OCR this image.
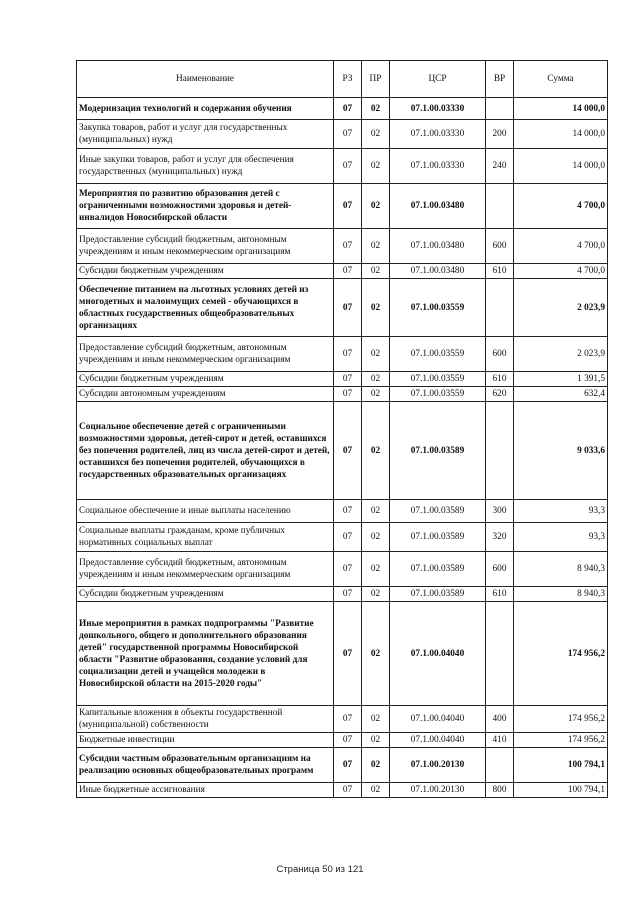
Наименование	РЗ	ПР	ЦСР	ВР	Сумма
Модернизация технологий и содержания обучения	07	02	07.1.00.03330		14 000,0
Закупка товаров, работ и услуг для государственных (муниципальных) нужд	07	02	07.1.00.03330	200	14 000,0
Иные закупки товаров, работ и услуг для обеспечения государственных (муниципальных) нужд	07	02	07.1.00.03330	240	14 000,0
Мероприятия по развитию образования детей с ограниченными возможностями здоровья и детей-инвалидов Новосибирской области	07	02	07.1.00.03480		4 700,0
Предоставление субсидий бюджетным, автономным учреждениям и иным некоммерческим организациям	07	02	07.1.00.03480	600	4 700,0
Субсидии бюджетным учреждениям	07	02	07.1.00.03480	610	4 700,0
Обеспечение питанием на льготных условиях детей из многодетных и малоимущих семей - обучающихся в областных государственных общеобразовательных организациях	07	02	07.1.00.03559		2 023,9
Предоставление субсидий бюджетным, автономным учреждениям и иным некоммерческим организациям	07	02	07.1.00.03559	600	2 023,9
Субсидии бюджетным учреждениям	07	02	07.1.00.03559	610	1 391,5
Субсидии автономным учреждениям	07	02	07.1.00.03559	620	632,4
Социальное обеспечение детей с ограниченными возможностями здоровья, детей-сирот и детей, оставшихся без попечения родителей, лиц из числа детей-сирот и детей, оставшихся без попечения родителей, обучающихся в государственных образовательных организациях	07	02	07.1.00.03589		9 033,6
Социальное обеспечение и иные выплаты населению	07	02	07.1.00.03589	300	93,3
Социальные выплаты гражданам, кроме публичных нормативных социальных выплат	07	02	07.1.00.03589	320	93,3
Предоставление субсидий бюджетным, автономным учреждениям и иным некоммерческим организациям	07	02	07.1.00.03589	600	8 940,3
Субсидии бюджетным учреждениям	07	02	07.1.00.03589	610	8 940,3
Иные мероприятия в рамках подпрограммы "Развитие дошкольного, общего и дополнительного образования детей" государственной программы Новосибирской области "Развитие образования, создание условий для социализации детей и учащейся молодежи в Новосибирской области на 2015-2020 годы"	07	02	07.1.00.04040		174 956,2
Капитальные вложения в объекты государственной (муниципальной) собственности	07	02	07.1.00.04040	400	174 956,2
Бюджетные инвестиции	07	02	07.1.00.04040	410	174 956,2
Субсидии частным образовательным организациям на реализацию основных общеобразовательных программ	07	02	07.1.00.20130		100 794,1
Иные бюджетные ассигнования	07	02	07.1.00.20130	800	100 794,1
Страница 50 из 121
